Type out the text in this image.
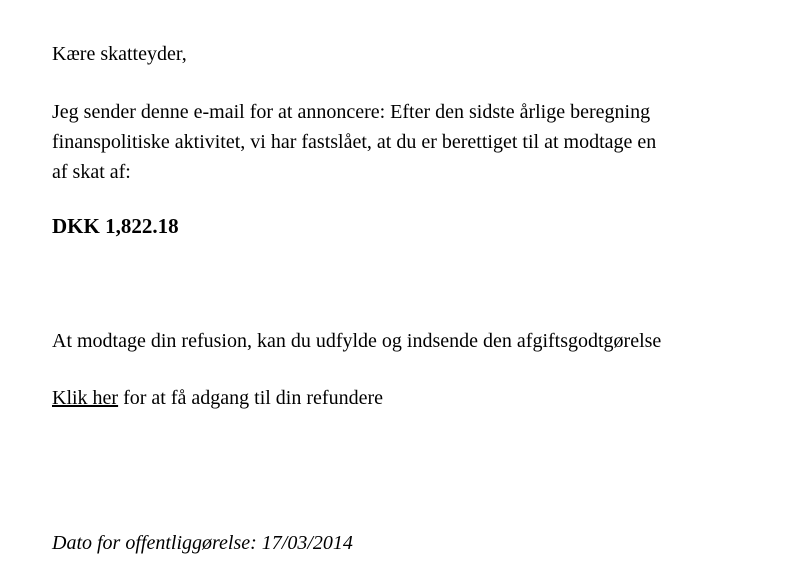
Kære skatteyder,
Jeg sender denne e-mail for at annoncere: Efter den sidste årlige beregning
finanspolitiske aktivitet, vi har fastslået, at du er berettiget til at modtage en
af skat af:
DKK 1,822.18
At modtage din refusion, kan du udfylde og indsende den afgiftsgodtgørelse
Klik her for at få adgang til din refundere
Dato for offentliggørelse: 17/03/2014
